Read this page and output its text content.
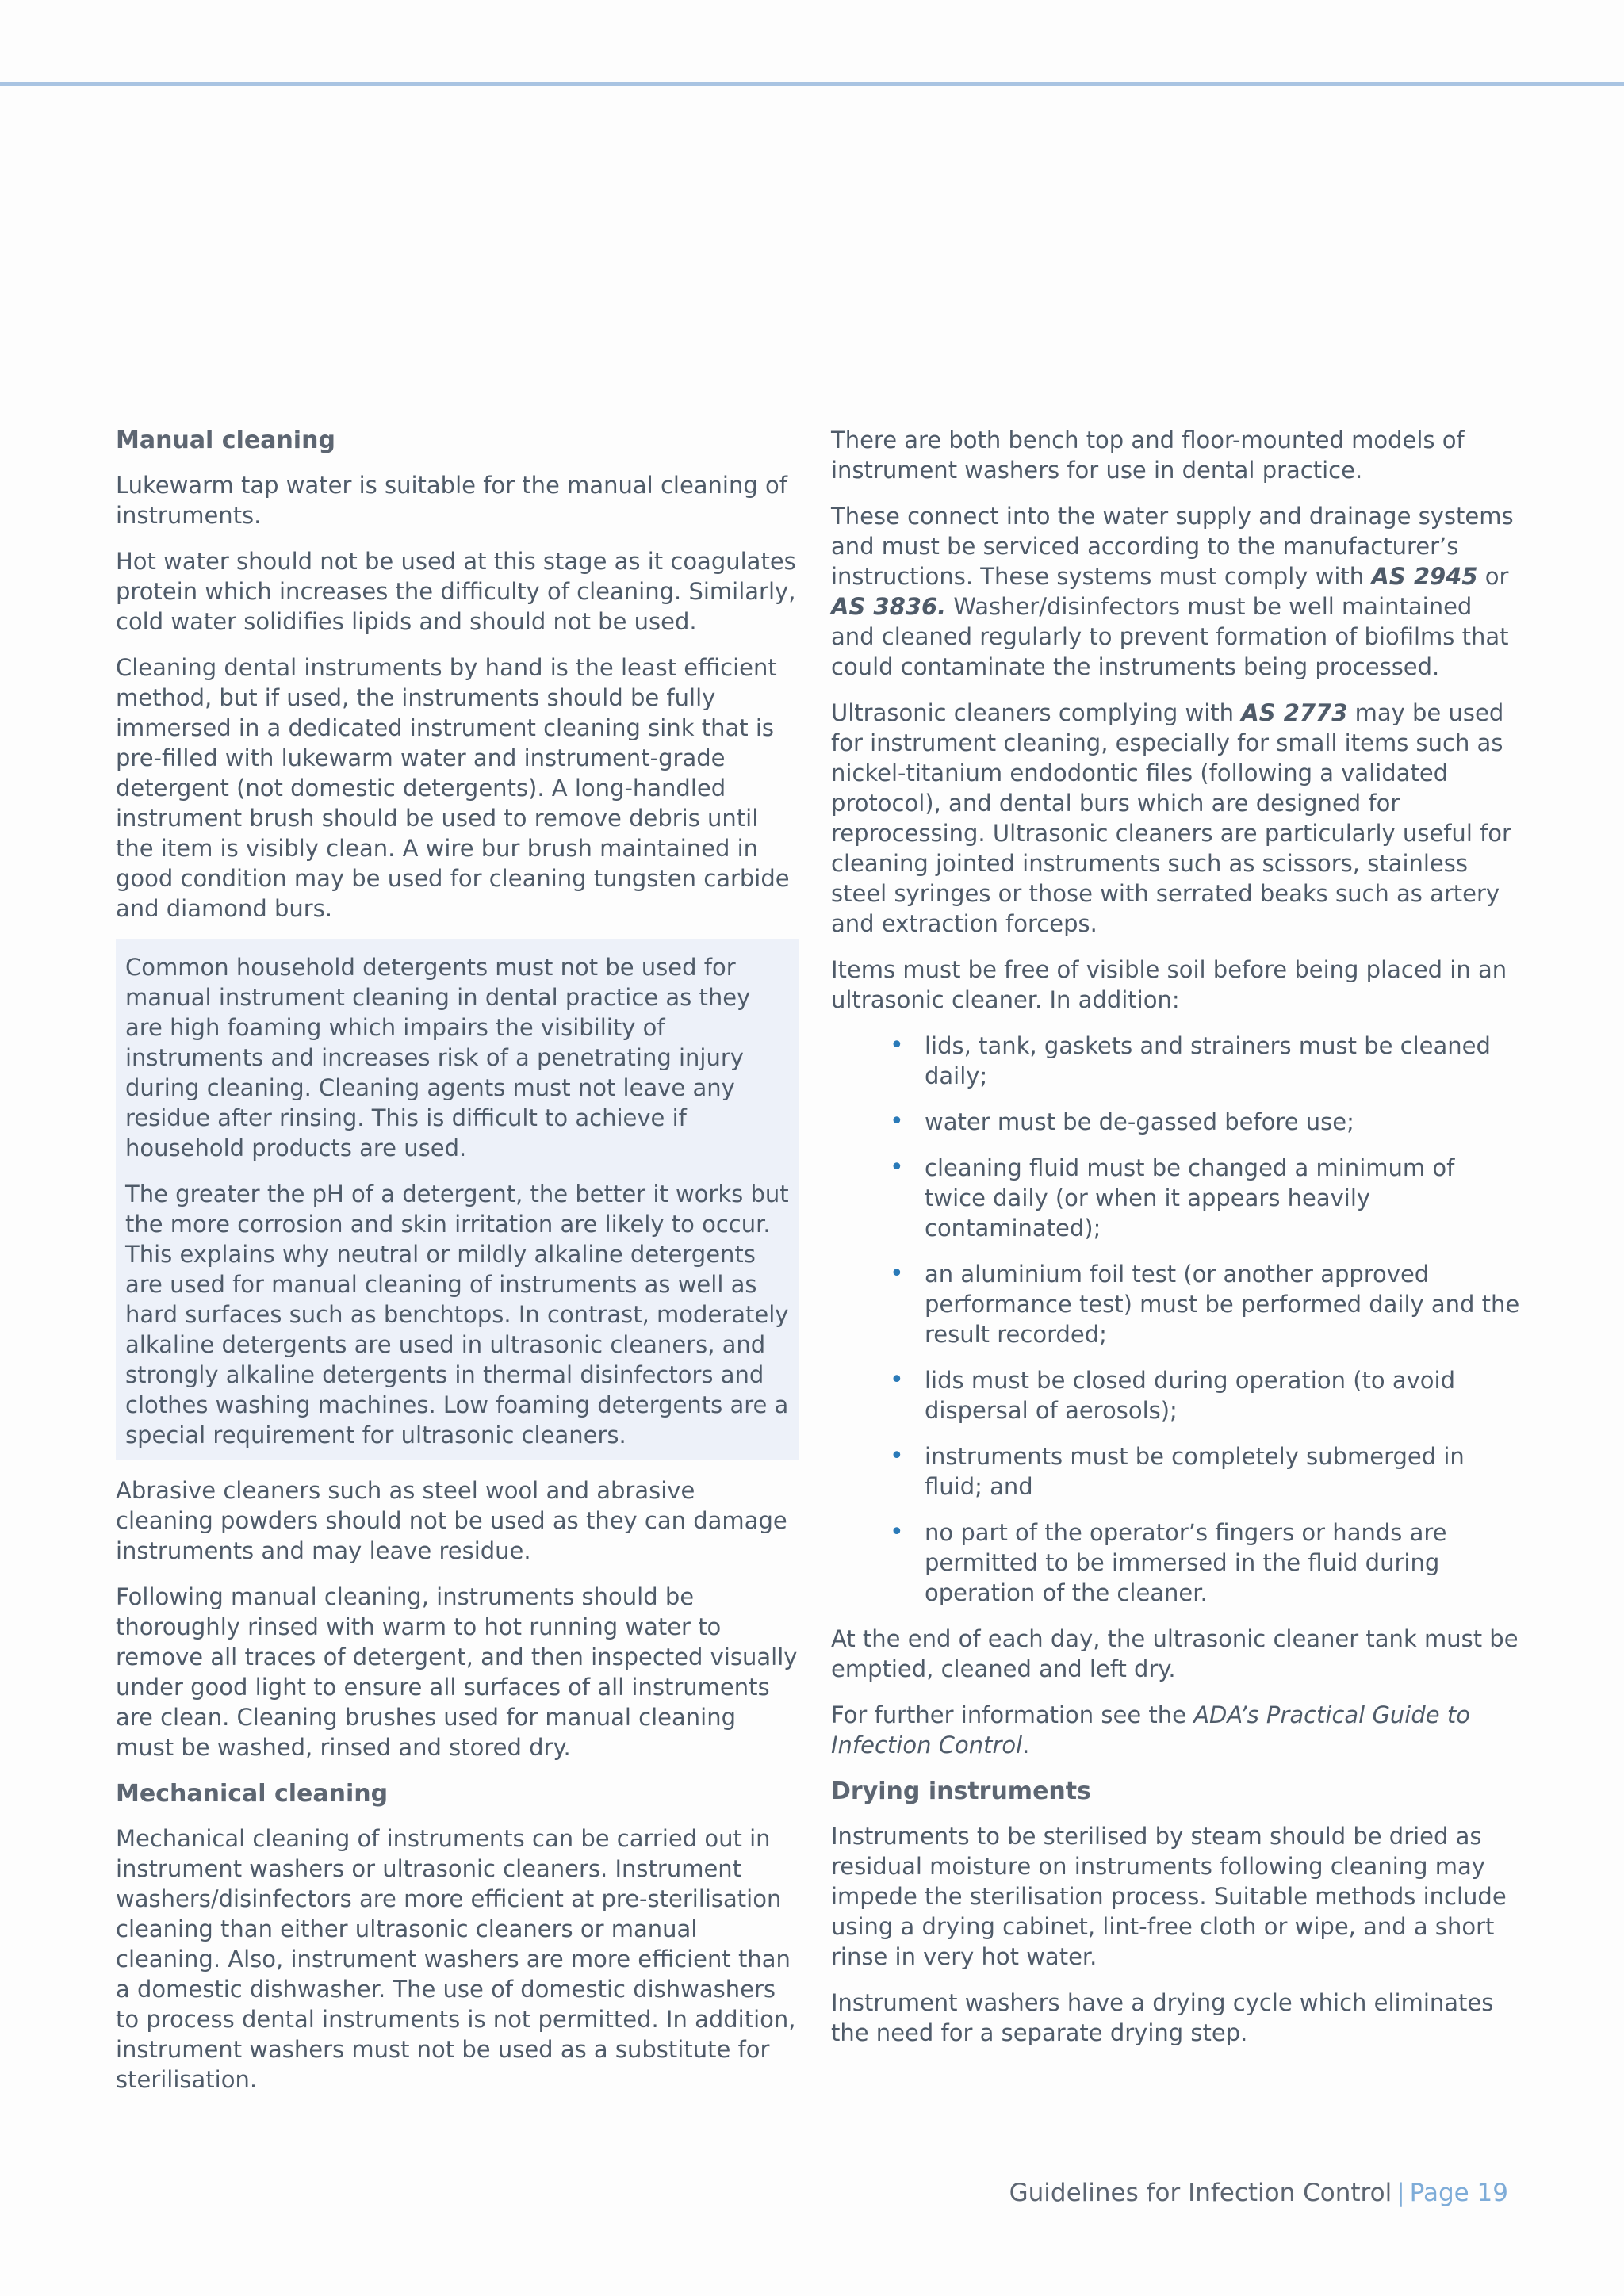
Manual cleaning

Lukewarm tap water is suitable for the manual cleaning of instruments.

Hot water should not be used at this stage as it coagulates protein which increases the difficulty of cleaning. Similarly, cold water solidifies lipids and should not be used.

Cleaning dental instruments by hand is the least efficient method, but if used, the instruments should be fully immersed in a dedicated instrument cleaning sink that is pre-filled with lukewarm water and instrument-grade detergent (not domestic detergents). A long-handled instrument brush should be used to remove debris until the item is visibly clean. A wire bur brush maintained in good condition may be used for cleaning tungsten carbide and diamond burs.

Common household detergents must not be used for manual instrument cleaning in dental practice as they are high foaming which impairs the visibility of instruments and increases risk of a penetrating injury during cleaning. Cleaning agents must not leave any residue after rinsing. This is difficult to achieve if household products are used.

The greater the pH of a detergent, the better it works but the more corrosion and skin irritation are likely to occur. This explains why neutral or mildly alkaline detergents are used for manual cleaning of instruments as well as hard surfaces such as benchtops. In contrast, moderately alkaline detergents are used in ultrasonic cleaners, and strongly alkaline detergents in thermal disinfectors and clothes washing machines. Low foaming detergents are a special requirement for ultrasonic cleaners.

Abrasive cleaners such as steel wool and abrasive cleaning powders should not be used as they can damage instruments and may leave residue.

Following manual cleaning, instruments should be thoroughly rinsed with warm to hot running water to remove all traces of detergent, and then inspected visually under good light to ensure all surfaces of all instruments are clean. Cleaning brushes used for manual cleaning must be washed, rinsed and stored dry.

Mechanical cleaning

Mechanical cleaning of instruments can be carried out in instrument washers or ultrasonic cleaners. Instrument washers/disinfectors are more efficient at pre-sterilisation cleaning than either ultrasonic cleaners or manual cleaning. Also, instrument washers are more efficient than a domestic dishwasher. The use of domestic dishwashers to process dental instruments is not permitted. In addition, instrument washers must not be used as a substitute for sterilisation.

There are both bench top and floor-mounted models of instrument washers for use in dental practice.

These connect into the water supply and drainage systems and must be serviced according to the manufacturer’s instructions. These systems must comply with AS 2945 or AS 3836. Washer/disinfectors must be well maintained and cleaned regularly to prevent formation of biofilms that could contaminate the instruments being processed.

Ultrasonic cleaners complying with AS 2773 may be used for instrument cleaning, especially for small items such as nickel-titanium endodontic files (following a validated protocol), and dental burs which are designed for reprocessing. Ultrasonic cleaners are particularly useful for cleaning jointed instruments such as scissors, stainless steel syringes or those with serrated beaks such as artery and extraction forceps.

Items must be free of visible soil before being placed in an ultrasonic cleaner. In addition:

• lids, tank, gaskets and strainers must be cleaned daily;
• water must be de-gassed before use;
• cleaning fluid must be changed a minimum of twice daily (or when it appears heavily contaminated);
• an aluminium foil test (or another approved performance test) must be performed daily and the result recorded;
• lids must be closed during operation (to avoid dispersal of aerosols);
• instruments must be completely submerged in fluid; and
• no part of the operator’s fingers or hands are permitted to be immersed in the fluid during operation of the cleaner.

At the end of each day, the ultrasonic cleaner tank must be emptied, cleaned and left dry.

For further information see the ADA’s Practical Guide to Infection Control.

Drying instruments

Instruments to be sterilised by steam should be dried as residual moisture on instruments following cleaning may impede the sterilisation process. Suitable methods include using a drying cabinet, lint-free cloth or wipe, and a short rinse in very hot water.

Instrument washers have a drying cycle which eliminates the need for a separate drying step.

Guidelines for Infection Control | Page 19
